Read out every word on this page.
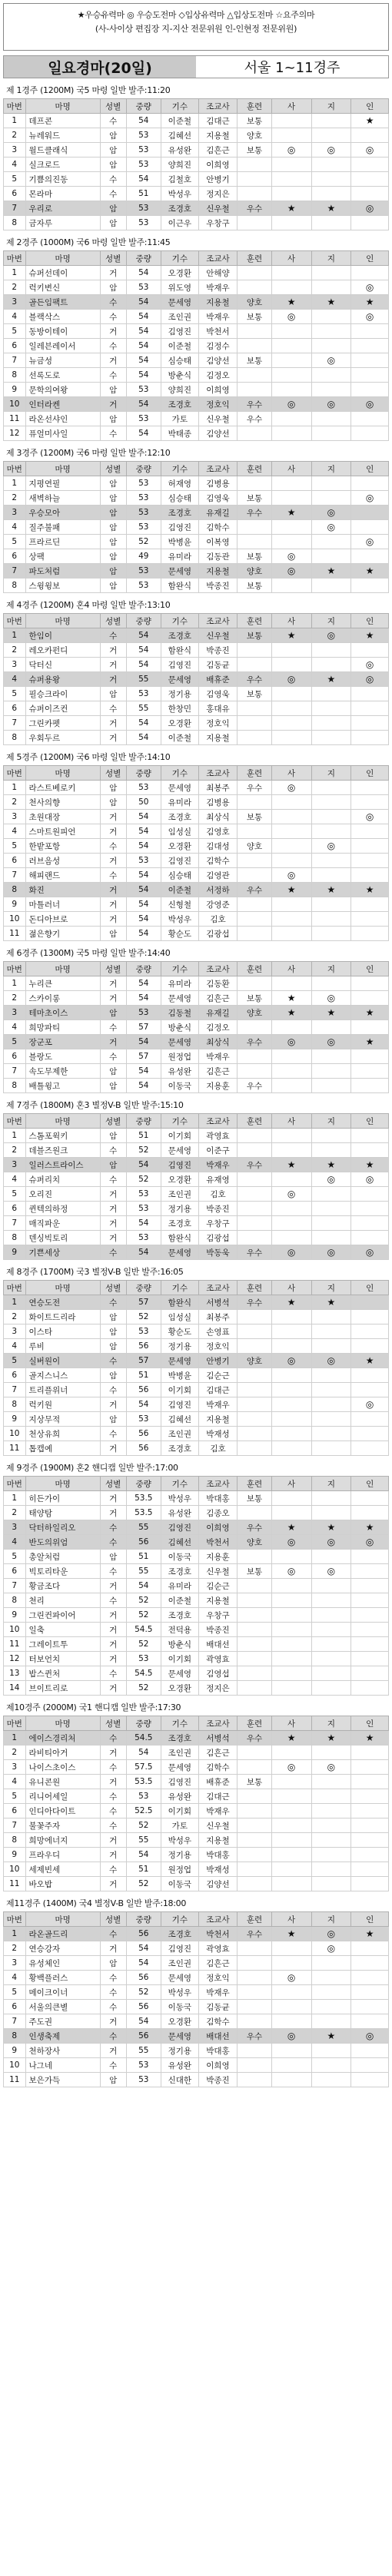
★우승유력마 ◎ 우승도전마 ◇입상유력마 △입상도전마 ☆요주의마
(사-사이상 편집장 지-지산 전문위원 인-인현정 전문위원)
일요경마(20일)	서울 1~11경주
제 1경주 (1200M) 국5 마령 일반 발주:11:20
마번	마명	성별	중량	기수	조교사	훈련	사	지	인
1	데프콘	수	54	이준철	김대근	보통			★
2	뉴레워드	암	53	김혜선	지용철	양호			
3	월드클래식	암	53	유성완	김흔근	보통	◎	◎	◎
4	실크로드	암	53	양희진	이희영				
5	기쁨의진동	수	54	김철호	안병기				
6	몬라마	수	51	박성우	정지은				
7	우리로	암	53	조경호	신우철	우수	★	★	◎
8	금자루	암	53	이근우	우창구				
제 2경주 (1000M) 국6 마령 일반 발주:11:45
마번	마명	성별	중량	기수	조교사	훈련	사	지	인
1	슈퍼선데이	거	54	오경환	안해양				
2	럭키변신	암	53	위도영	박재우				◎
3	골든임팩트	수	54	문세영	지용철	양호	★	★	★
4	블랙삭스	수	54	조인권	박재우	보통	◎		◎
5	동방이테이	거	54	김영진	박천서				
6	일레븐레이서	수	54	이준철	김정수				
7	뉴금성	거	54	심승태	김양선	보통		◎	
8	선록도로	수	54	방춘식	김정오				
9	문학의여왕	암	53	양희진	이희영				
10	인터라켄	거	54	조경호	정호익	우수	◎	◎	◎
11	라온선샤인	암	53	가토	신우철	우수			
12	퓨얼미사일	수	54	박태종	김양선				
제 3경주 (1200M) 국6 마령 일반 발주:12:10
마번	마명	성별	중량	기수	조교사	훈련	사	지	인
1	지평연필	암	53	허재영	김병용				
2	새벽하늘	암	53	심승태	김영욱	보통			◎
3	우승모아	암	53	조경호	유재길	우수	★	◎	
4	질주불패	암	53	김영진	김학수			◎	
5	프라르딘	암	52	박병윤	이복영				◎
6	상팩	암	49	유미라	김동관	보통	◎		
7	파도처럼	암	53	문세영	지용철	양호	◎	★	★
8	스윙윙보	암	53	함완식	박종진	보통			
제 4경주 (1200M) 혼4 마령 일반 발주:13:10
마번	마명	성별	중량	기수	조교사	훈련	사	지	인
1	한임이	수	54	조경호	신우철	보통	★	◎	★
2	레오카펀디	거	54	함완식	박종진				
3	닥터신	거	54	김영진	김동균				◎
4	슈퍼용왕	거	55	문세영	배휴준	우수	◎	★	◎
5	필승크라이	암	53	정기용	김영욱	보통			
6	슈퍼이즈컨	수	55	한창민	홍대유				
7	그린카펫	거	54	오경환	정호익				
8	우회두르	거	54	이준철	지용철				
제 5경주 (1200M) 국6 마령 일반 발주:14:10
마번	마명	성별	중량	기수	조교사	훈련	사	지	인
1	라스트베로키	암	53	문세영	최봉주	우수	◎		
2	천사의향	암	50	유미라	김병용				
3	초원대장	거	54	조경호	최상식	보통			◎
4	스마트원피언	거	54	임성실	김영호				
5	한밭포항	수	54	오경환	김대성	양호		◎	
6	러브음성	거	53	김영진	김학수				
7	해피랜드	수	54	심승태	김영관		◎		
8	화진	거	54	이준철	서정하	우수	★	★	★
9	마틀러너	거	54	신형철	강영준				
10	돈디아브로	거	54	박성우	김호				
11	젊은향기	암	54	황순도	김광섭				
제 6경주 (1300M) 국5 마령 일반 발주:14:40
마번	마명	성별	중량	기수	조교사	훈련	사	지	인
1	누리큰	거	54	유미라	김동환				
2	스카이롱	거	54	문세영	김흔근	보통	★	◎	
3	테마초이스	암	53	김동철	유재길	양호	★	★	★
4	희망파티	수	57	방춘식	김정오				
5	장군포	거	54	문세영	최상식	우수	◎	◎	★
6	블랑도	수	57	원정업	박재우				
7	속도무제한	암	54	유성완	김흔근				
8	배틀윙고	암	54	이동국	지용훈	우수			
제 7경주 (1800M) 혼3 별정V-B 일반 발주:15:10
마번	마명	성별	중량	기수	조교사	훈련	사	지	인
1	스톰포윅키	암	51	이기회	곽영효				
2	데블즈원크	수	52	문세영	이준구				
3	일러스트라이스	암	54	김영진	박재우	우수	★	★	★
4	슈퍼리치	수	52	오경환	유재영			◎	◎
5	오리진	거	53	조인권	김호		◎		
6	퀸텍의하정	거	53	정기용	박종진				
7	매직파운	거	54	조경호	우창구				
8	덴싱빅토리	거	53	함완식	김광섭				
9	기쁜세상	수	54	문세영	박동욱	우수	◎	◎	◎
제 8경주 (1700M) 국3 별정V-B 일반 발주:16:05
마번	마명	성별	중량	기수	조교사	훈련	사	지	인
1	연승도전	수	57	함완식	서병석	우수	★	★	
2	화이트드리라	암	52	임성실	최봉주				
3	이스타	암	53	황순도	손영표				
4	루비	암	56	정기용	정호익				
5	실버원이	수	57	문세영	안병기	양호	◎	◎	★
6	골지스니스	암	51	박병윤	김순근				
7	트리플위너	수	56	이기회	김대근				
8	럭키원	거	54	김영진	박재우				◎
9	지상무적	암	53	김혜선	지용철				
10	천상유희	수	56	조인권	박재성				
11	톱캡예	거	56	조경호	김호				
제 9경주 (1900M) 혼2 핸디캡 일반 발주:17:00
마번	마명	성별	중량	기수	조교사	훈련	사	지	인
1	히든가이	거	53.5	박성우	박대홍	보통			
2	태양탐	거	53.5	유성완	김종오				
3	닥터하일리오	수	55	김영진	이희영	우수	★	★	★
4	반도의위엄	수	56	김혜선	박천서	양호	◎	◎	◎
5	총알처럼	암	51	이동국	지용훈				
6	빅토리타운	수	55	조경호	신우철	보통	◎	◎	
7	황금조다	거	54	유미라	김순근				
8	천리	수	52	이준철	지용철				
9	그린컨파이어	거	52	조경호	우창구				
10	일축	거	54.5	전덕용	박종진				
11	그레이트투	거	52	방춘식	배대선				
12	터보언치	거	53	이기회	곽영효				
13	밥스퀸처	수	54.5	문세영	김영섭				
14	브이트리로	거	52	오경환	정지은				
제10경주 (2000M) 국1 핸디캡 일반 발주:17:30
마번	마명	성별	중량	기수	조교사	훈련	사	지	인
1	에이스경리처	수	54.5	조경호	서병석	우수	★	★	★
2	라비티아거	거	54	조인권	김흔근				
3	나이스초이스	수	57.5	문세영	김학수		◎	◎	
4	유니콘원	거	53.5	김영진	배휴준	보통			
5	리니어세일	수	53	유성완	김대근				
6	인디아다이트	수	52.5	이기회	박재우				
7	불꽃주자	수	52	가토	신우철				
8	희망에너지	거	55	박성우	지용철				
9	프라우디	거	54	정기용	박대홍				
10	세제빈세	수	51	원정업	박재성				
11	바오밥	거	52	이동국	김양선				
제11경주 (1400M) 국4 별정V-B 일반 발주:18:00
마번	마명	성별	중량	기수	조교사	훈련	사	지	인
1	라온골드리	수	56	조경호	박천서	우수	★	◎	★
2	연승강자	거	54	김영진	곽영효			◎	
3	유성체인	암	54	조인권	김흔근				
4	황백플러스	수	56	문세영	정호익		◎		
5	메이크이너	수	52	박성우	박재우				
6	서울의큰별	수	56	이동국	김동균				
7	주도권	거	54	오경환	김학수				
8	인생축제	수	56	문세영	배대선	우수	◎	★	◎
9	천하장사	거	55	정기용	박대홍				
10	나그네	수	53	유성완	이희영				
11	보은가득	암	53	신대한	박종진				
